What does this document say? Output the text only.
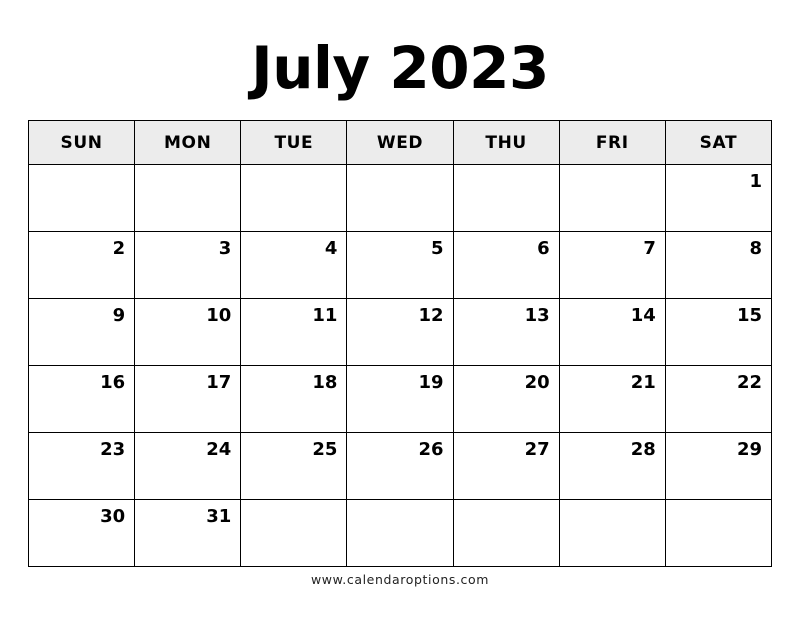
July 2023
SUN	MON	TUE	WED	THU	FRI	SAT
						1
2	3	4	5	6	7	8
9	10	11	12	13	14	15
16	17	18	19	20	21	22
23	24	25	26	27	28	29
30	31					
www.calendaroptions.com
